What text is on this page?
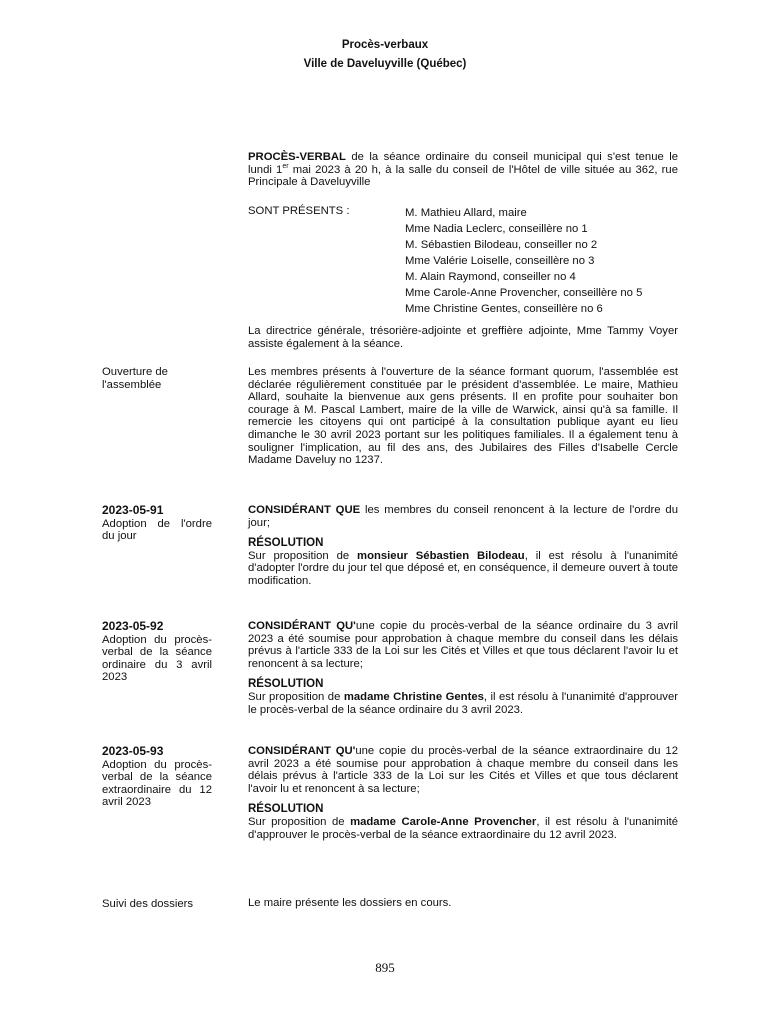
Procès-verbaux
Ville de Daveluyville (Québec)
PROCÈS-VERBAL de la séance ordinaire du conseil municipal qui s'est tenue le lundi 1er mai 2023 à 20 h, à la salle du conseil de l'Hôtel de ville située au 362, rue Principale à Daveluyville
SONT PRÉSENTS :	M. Mathieu Allard, maire
Mme Nadia Leclerc, conseillère no 1
M. Sébastien Bilodeau, conseiller no 2
Mme Valérie Loiselle, conseillère no 3
M. Alain Raymond, conseiller no 4
Mme Carole-Anne Provencher, conseillère no 5
Mme Christine Gentes, conseillère no 6
La directrice générale, trésorière-adjointe et greffière adjointe, Mme Tammy Voyer assiste également à la séance.
Ouverture de l'assemblée
Les membres présents à l'ouverture de la séance formant quorum, l'assemblée est déclarée régulièrement constituée par le président d'assemblée. Le maire, Mathieu Allard, souhaite la bienvenue aux gens présents. Il en profite pour souhaiter bon courage à M. Pascal Lambert, maire de la ville de Warwick, ainsi qu'à sa famille. Il remercie les citoyens qui ont participé à la consultation publique ayant eu lieu dimanche le 30 avril 2023 portant sur les politiques familiales. Il a également tenu à souligner l'implication, au fil des ans, des Jubilaires des Filles d'Isabelle Cercle Madame Daveluy no 1237.
2023-05-91
Adoption de l'ordre du jour
CONSIDÉRANT QUE les membres du conseil renoncent à la lecture de l'ordre du jour;
RÉSOLUTION
Sur proposition de monsieur Sébastien Bilodeau, il est résolu à l'unanimité d'adopter l'ordre du jour tel que déposé et, en conséquence, il demeure ouvert à toute modification.
2023-05-92
Adoption du procès-verbal de la séance ordinaire du 3 avril 2023
CONSIDÉRANT QU'une copie du procès-verbal de la séance ordinaire du 3 avril 2023 a été soumise pour approbation à chaque membre du conseil dans les délais prévus à l'article 333 de la Loi sur les Cités et Villes et que tous déclarent l'avoir lu et renoncent à sa lecture;
RÉSOLUTION
Sur proposition de madame Christine Gentes, il est résolu à l'unanimité d'approuver le procès-verbal de la séance ordinaire du 3 avril 2023.
2023-05-93
Adoption du procès-verbal de la séance extraordinaire du 12 avril 2023
CONSIDÉRANT QU'une copie du procès-verbal de la séance extraordinaire du 12 avril 2023 a été soumise pour approbation à chaque membre du conseil dans les délais prévus à l'article 333 de la Loi sur les Cités et Villes et que tous déclarent l'avoir lu et renoncent à sa lecture;
RÉSOLUTION
Sur proposition de madame Carole-Anne Provencher, il est résolu à l'unanimité d'approuver le procès-verbal de la séance extraordinaire du 12 avril 2023.
Suivi des dossiers	Le maire présente les dossiers en cours.
895
